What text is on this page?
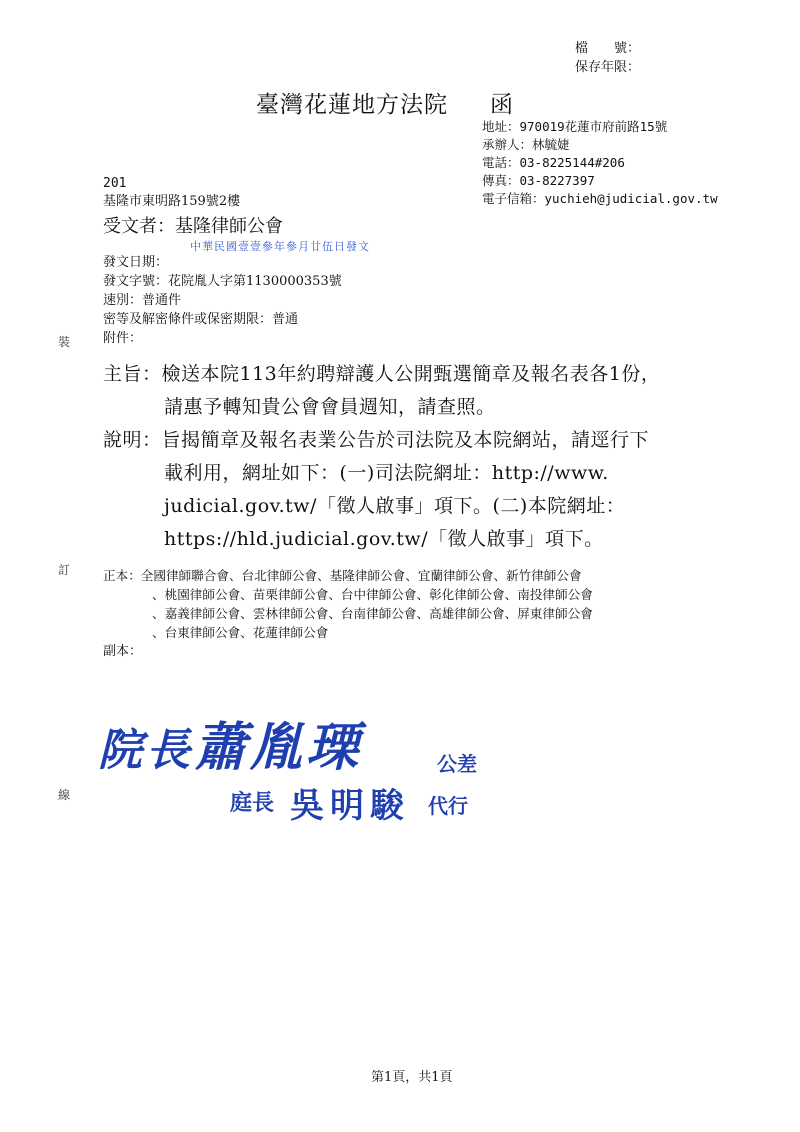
檔　　號：
保存年限：
臺灣花蓮地方法院 函
地址：970019花蓮市府前路15號
承辦人：林毓婕
電話：03-8225144#206
傳真：03-8227397
電子信箱：yuchieh@judicial.gov.tw
201
基隆市東明路159號2樓
受文者：基隆律師公會
中華民國壹壹參年參月廿伍日發文
發文日期：
發文字號：花院胤人字第1130000353號
速別：普通件
密等及解密條件或保密期限：普通
附件：
裝
訂
線
主旨：檢送本院113年約聘辯護人公開甄選簡章及報名表各1份，
請惠予轉知貴公會會員週知，請查照。
說明：旨揭簡章及報名表業公告於司法院及本院網站，請逕行下
載利用，網址如下：(一)司法院網址：http://www.
judicial.gov.tw/「徵人啟事」項下。(二)本院網址：
https://hld.judicial.gov.tw/「徵人啟事」項下。
正本：全國律師聯合會、台北律師公會、基隆律師公會、宜蘭律師公會、新竹律師公會
、桃園律師公會、苗栗律師公會、台中律師公會、彰化律師公會、南投律師公會
、嘉義律師公會、雲林律師公會、台南律師公會、高雄律師公會、屏東律師公會
、台東律師公會、花蓮律師公會
副本：
院長蕭胤瑮	公差
庭長 吳明駿 代行
第1頁，共1頁
